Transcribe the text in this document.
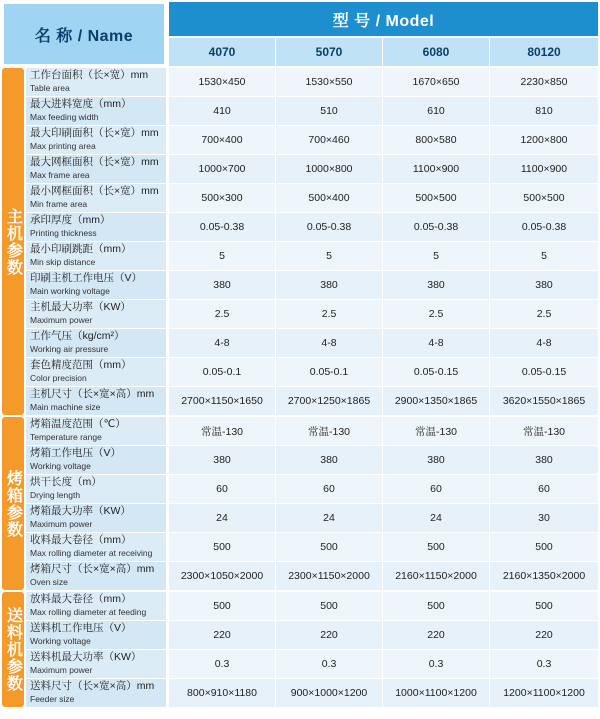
名 称 / Name
型 号 / Model
4070	5070	6080	80120
主机参数
工作台面积（长×宽）mm
Table area	1530×450	1530×550	1670×650	2230×850
最大进料宽度（mm）
Max feeding width	410	510	610	810
最大印刷面积（长×宽）mm
Max printing area	700×400	700×460	800×580	1200×800
最大网框面积（长×宽）mm
Max frame area	1000×700	1000×800	1100×900	1100×900
最小网框面积（长×宽）mm
Min frame area	500×300	500×400	500×500	500×500
承印厚度（mm）
Printing thickness	0.05-0.38	0.05-0.38	0.05-0.38	0.05-0.38
最小印刷跳距（mm）
Min skip distance	5	5	5	5
印刷主机工作电压（V）
Main working voltage	380	380	380	380
主机最大功率（KW）
Maximum power	2.5	2.5	2.5	2.5
工作气压（kg/cm²）
Working air pressure	4-8	4-8	4-8	4-8
套色精度范围（mm）
Color precision	0.05-0.1	0.05-0.1	0.05-0.15	0.05-0.15
主机尺寸（长×宽×高）mm
Main machine size	2700×1150×1650	2700×1250×1865	2900×1350×1865	3620×1550×1865
烤箱参数
烤箱温度范围（℃）
Temperature range	常温-130	常温-130	常温-130	常温-130
烤箱工作电压（V）
Working voltage	380	380	380	380
烘干长度（m）
Drying length	60	60	60	60
烤箱最大功率（KW）
Maximum power	24	24	24	30
收料最大卷径（mm）
Max rolling diameter at receiving	500	500	500	500
烤箱尺寸（长×宽×高）mm
Oven size	2300×1050×2000	2300×1150×2000	2160×1150×2000	2160×1350×2000
送料机参数
放料最大卷径（mm）
Max rolling diameter at feeding	500	500	500	500
送料机工作电压（V）
Working voltage	220	220	220	220
送料机最大功率（KW）
Maximum power	0.3	0.3	0.3	0.3
送料尺寸（长×宽×高）mm
Feeder size	800×910×1180	900×1000×1200	1000×1100×1200	1200×1100×1200
